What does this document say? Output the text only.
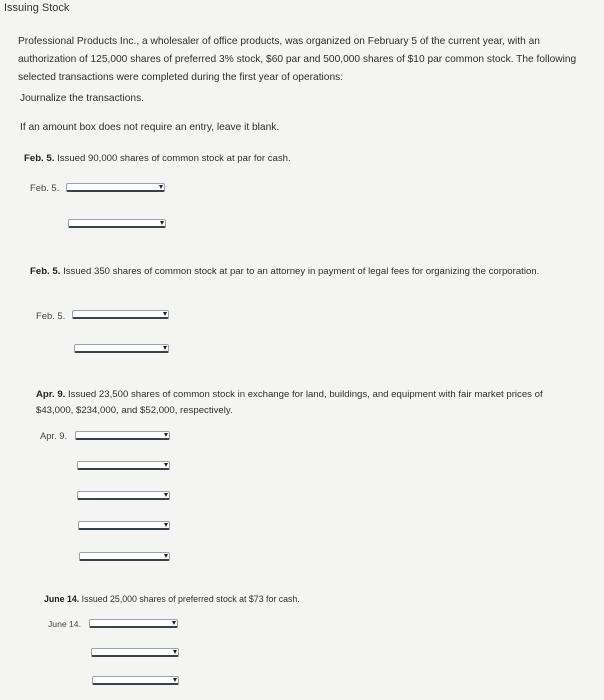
Issuing Stock
Professional Products Inc., a wholesaler of office products, was organized on February 5 of the current year, with an authorization of 125,000 shares of preferred 3% stock, $60 par and 500,000 shares of $10 par common stock. The following selected transactions were completed during the first year of operations:
Journalize the transactions.
If an amount box does not require an entry, leave it blank.
Feb. 5. Issued 90,000 shares of common stock at par for cash.
Feb. 5.
Feb. 5. Issued 350 shares of common stock at par to an attorney in payment of legal fees for organizing the corporation.
Feb. 5.
Apr. 9. Issued 23,500 shares of common stock in exchange for land, buildings, and equipment with fair market prices of $43,000, $234,000, and $52,000, respectively.
Apr. 9.
June 14. Issued 25,000 shares of preferred stock at $73 for cash.
June 14.
